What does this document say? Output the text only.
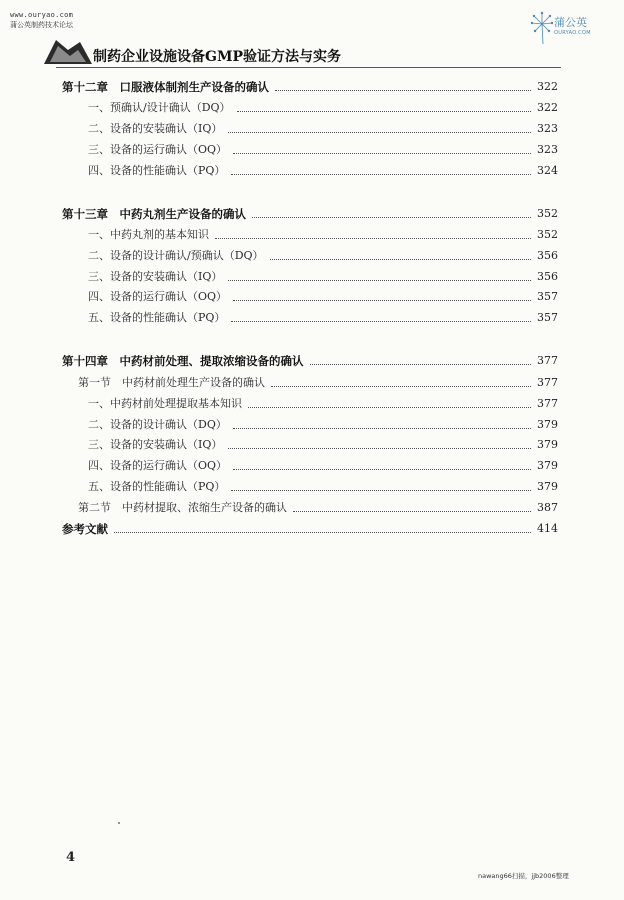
www.ouryao.com
蒲公英制药技术论坛	蒲公英
OURYAO.COM
制药企业设施设备GMP验证方法与实务
第十二章　口服液体制剂生产设备的确认	322
一、预确认/设计确认（DQ）	322
二、设备的安装确认（IQ）	323
三、设备的运行确认（OQ）	323
四、设备的性能确认（PQ）	324
第十三章　中药丸剂生产设备的确认	352
一、中药丸剂的基本知识	352
二、设备的设计确认/预确认（DQ）	356
三、设备的安装确认（IQ）	356
四、设备的运行确认（OQ）	357
五、设备的性能确认（PQ）	357
第十四章　中药材前处理、提取浓缩设备的确认	377
第一节　中药材前处理生产设备的确认	377
一、中药材前处理提取基本知识	377
二、设备的设计确认（DQ）	379
三、设备的安装确认（IQ）	379
四、设备的运行确认（OQ）	379
五、设备的性能确认（PQ）	379
第二节　中药材提取、浓缩生产设备的确认	387
参考文献	414
4
nawang66扫描，jjb2006整理
